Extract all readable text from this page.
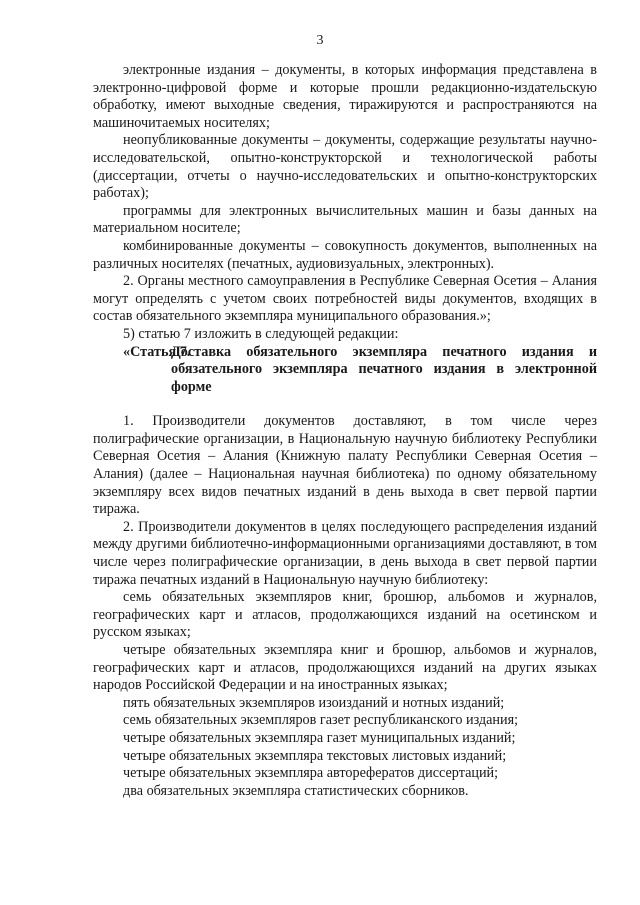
3

электронные издания – документы, в которых информация представлена в электронно-цифровой форме и которые прошли редакционно-издательскую обработку, имеют выходные сведения, тиражируются и распространяются на машиночитаемых носителях;

неопубликованные документы – документы, содержащие результаты научно-исследовательской, опытно-конструкторской и технологической работы (диссертации, отчеты о научно-исследовательских и опытно-конструкторских работах);

программы для электронных вычислительных машин и базы данных на материальном носителе;

комбинированные документы – совокупность документов, выполненных на различных носителях (печатных, аудиовизуальных, электронных).

2. Органы местного самоуправления в Республике Северная Осетия – Алания могут определять с учетом своих потребностей виды документов, входящих в состав обязательного экземпляра муниципального образования.»;

5) статью 7 изложить в следующей редакции:

«Статья 7.
Доставка обязательного экземпляра печатного издания и обязательного экземпляра печатного издания в электронной форме

1. Производители документов доставляют, в том числе через полиграфические организации, в Национальную научную библиотеку Республики Северная Осетия – Алания (Книжную палату Республики Северная Осетия – Алания) (далее – Национальная научная библиотека) по одному обязательному экземпляру всех видов печатных изданий в день выхода в свет первой партии тиража.

2. Производители документов в целях последующего распределения изданий между другими библиотечно-информационными организациями доставляют, в том числе через полиграфические организации, в день выхода в свет первой партии тиража печатных изданий в Национальную научную библиотеку:

семь обязательных экземпляров книг, брошюр, альбомов и журналов, географических карт и атласов, продолжающихся изданий на осетинском и русском языках;

четыре обязательных экземпляра книг и брошюр, альбомов и журналов, географических карт и атласов, продолжающихся изданий на других языках народов Российской Федерации и на иностранных языках;

пять обязательных экземпляров изоизданий и нотных изданий;

семь обязательных экземпляров газет республиканского издания;

четыре обязательных экземпляра газет муниципальных изданий;

четыре обязательных экземпляра текстовых листовых изданий;

четыре обязательных экземпляра авторефератов диссертаций;

два обязательных экземпляра статистических сборников.
